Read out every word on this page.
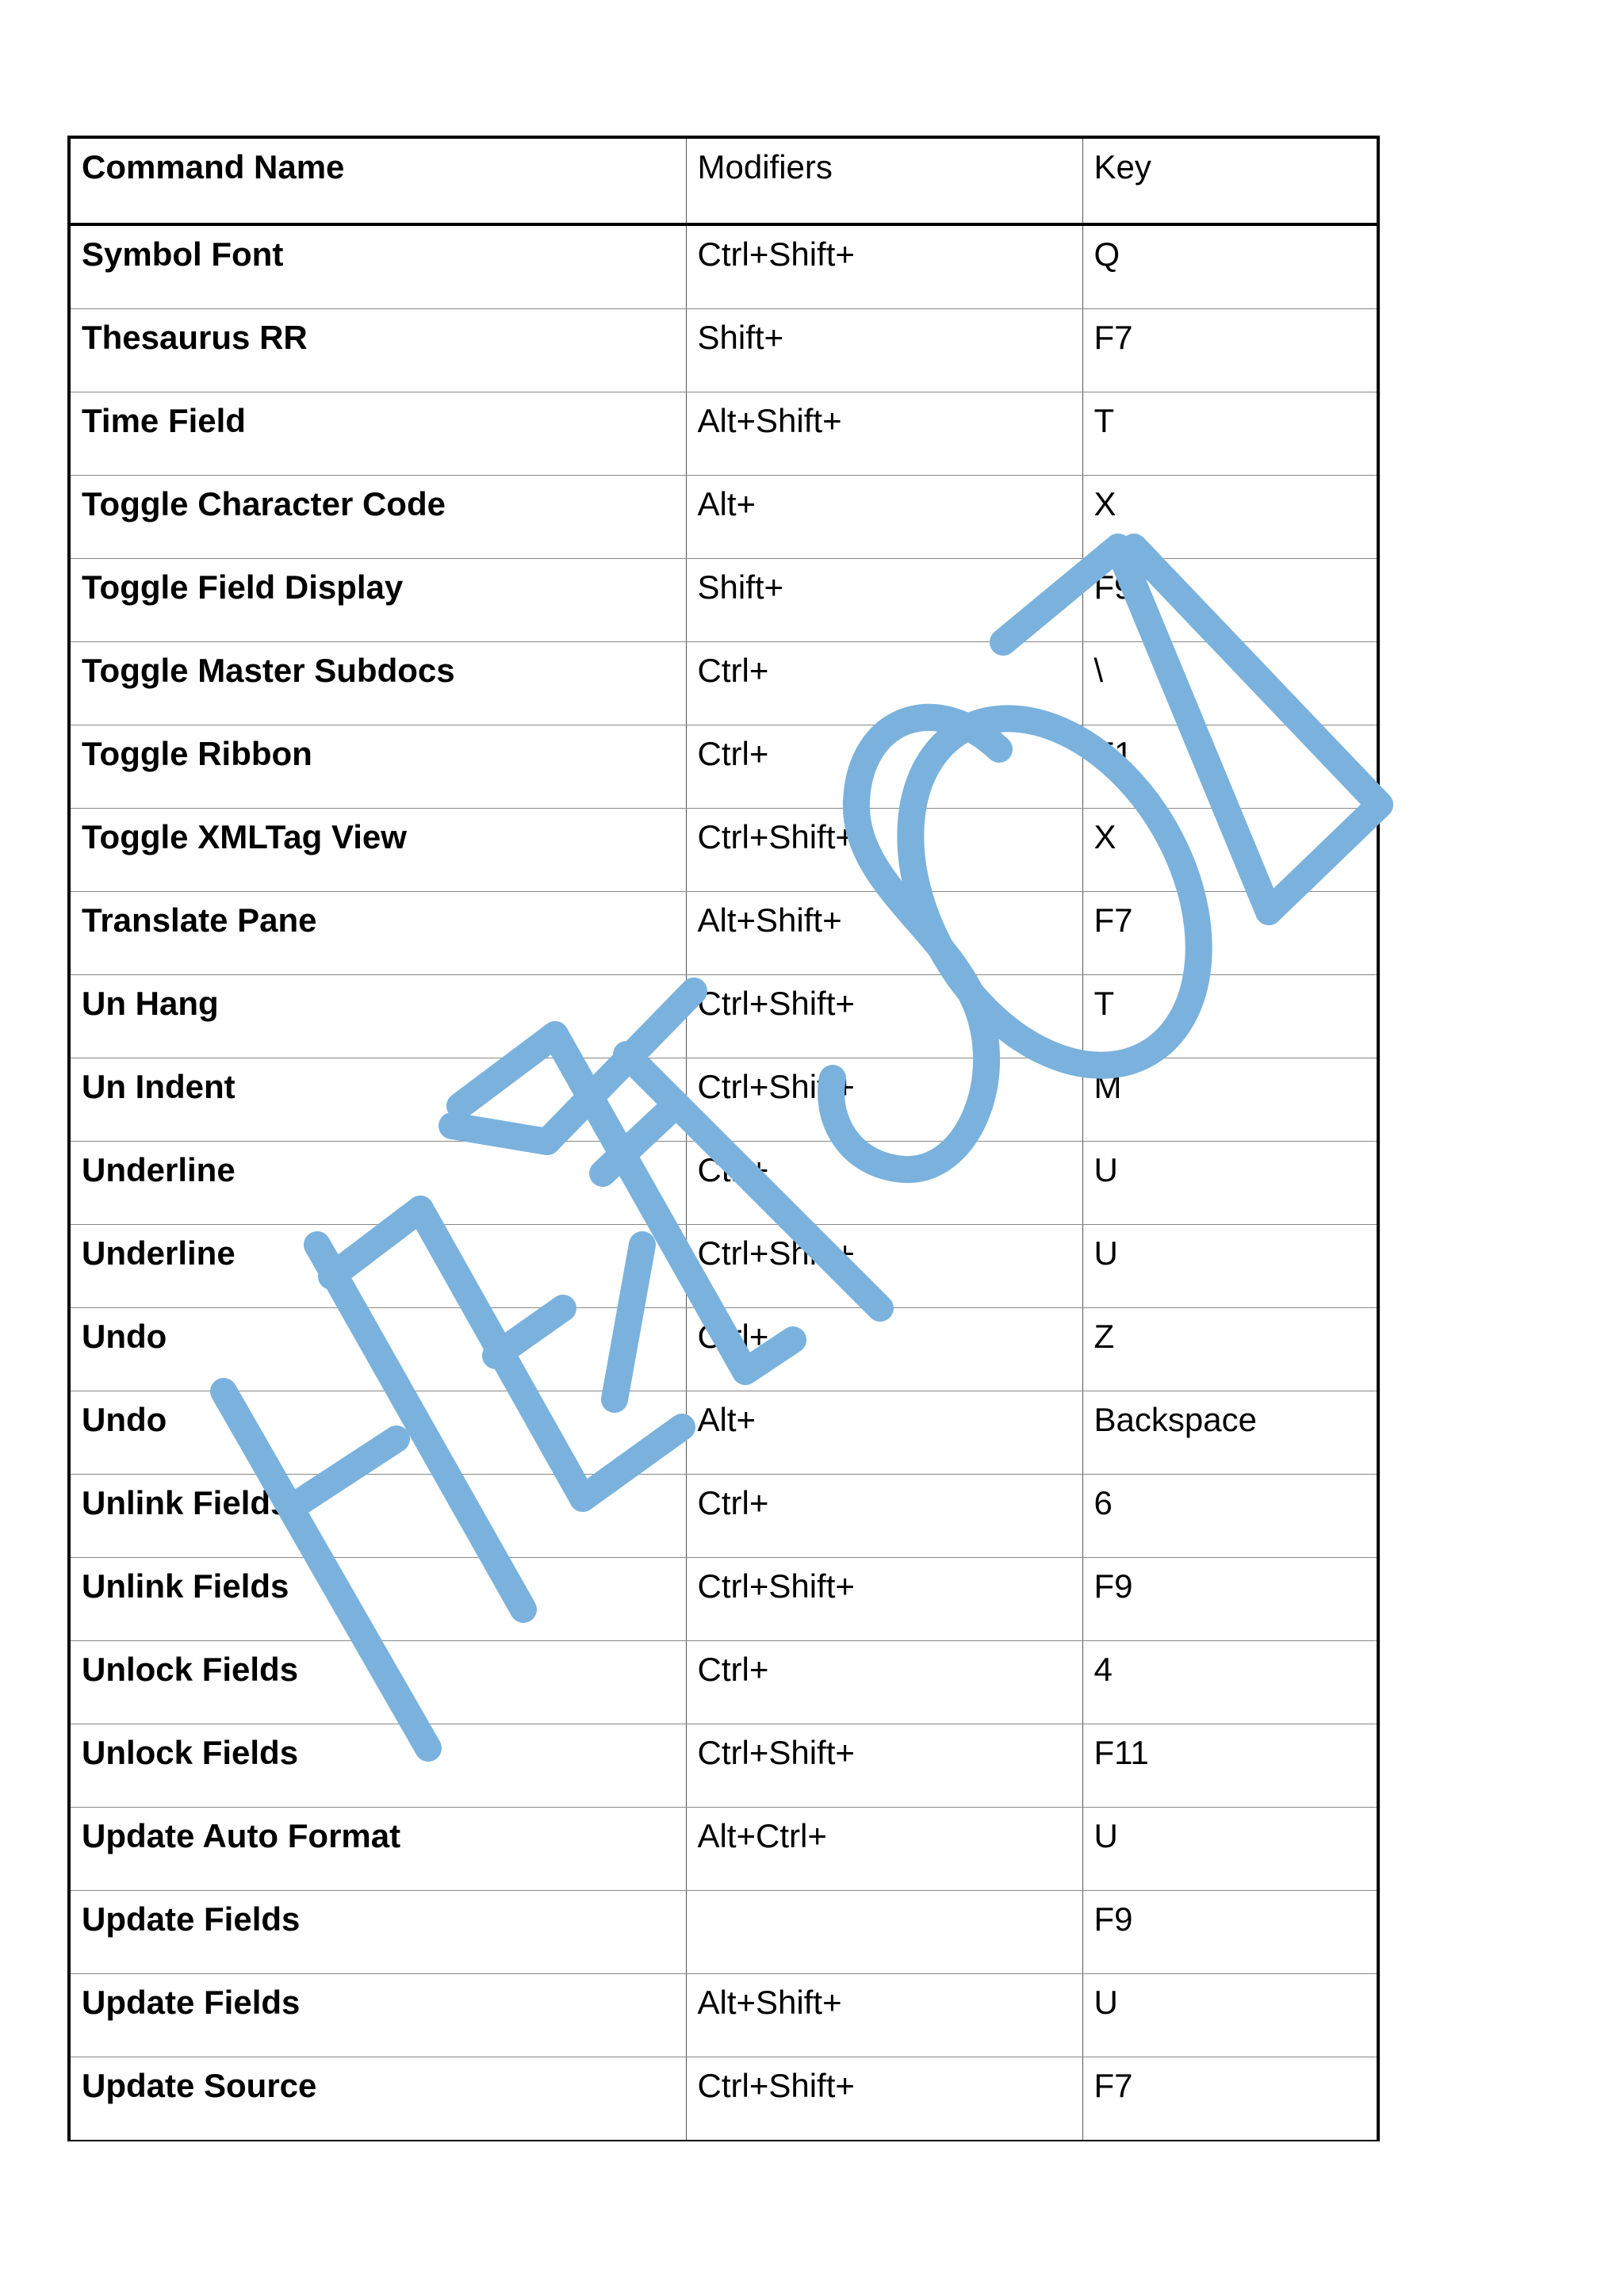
Command Name	Modifiers	Key
Symbol Font	Ctrl+Shift+	Q
Thesaurus RR	Shift+	F7
Time Field	Alt+Shift+	T
Toggle Character Code	Alt+	X
Toggle Field Display	Shift+	F9
Toggle Master Subdocs	Ctrl+	\
Toggle Ribbon	Ctrl+	F1
Toggle XMLTag View	Ctrl+Shift+	X
Translate Pane	Alt+Shift+	F7
Un Hang	Ctrl+Shift+	T
Un Indent	Ctrl+Shift+	M
Underline	Ctrl+	U
Underline	Ctrl+Shift+	U
Undo	Ctrl+	Z
Undo	Alt+	Backspace
Unlink Fields	Ctrl+	6
Unlink Fields	Ctrl+Shift+	F9
Unlock Fields	Ctrl+	4
Unlock Fields	Ctrl+Shift+	F11
Update Auto Format	Alt+Ctrl+	U
Update Fields		F9
Update Fields	Alt+Shift+	U
Update Source	Ctrl+Shift+	F7
